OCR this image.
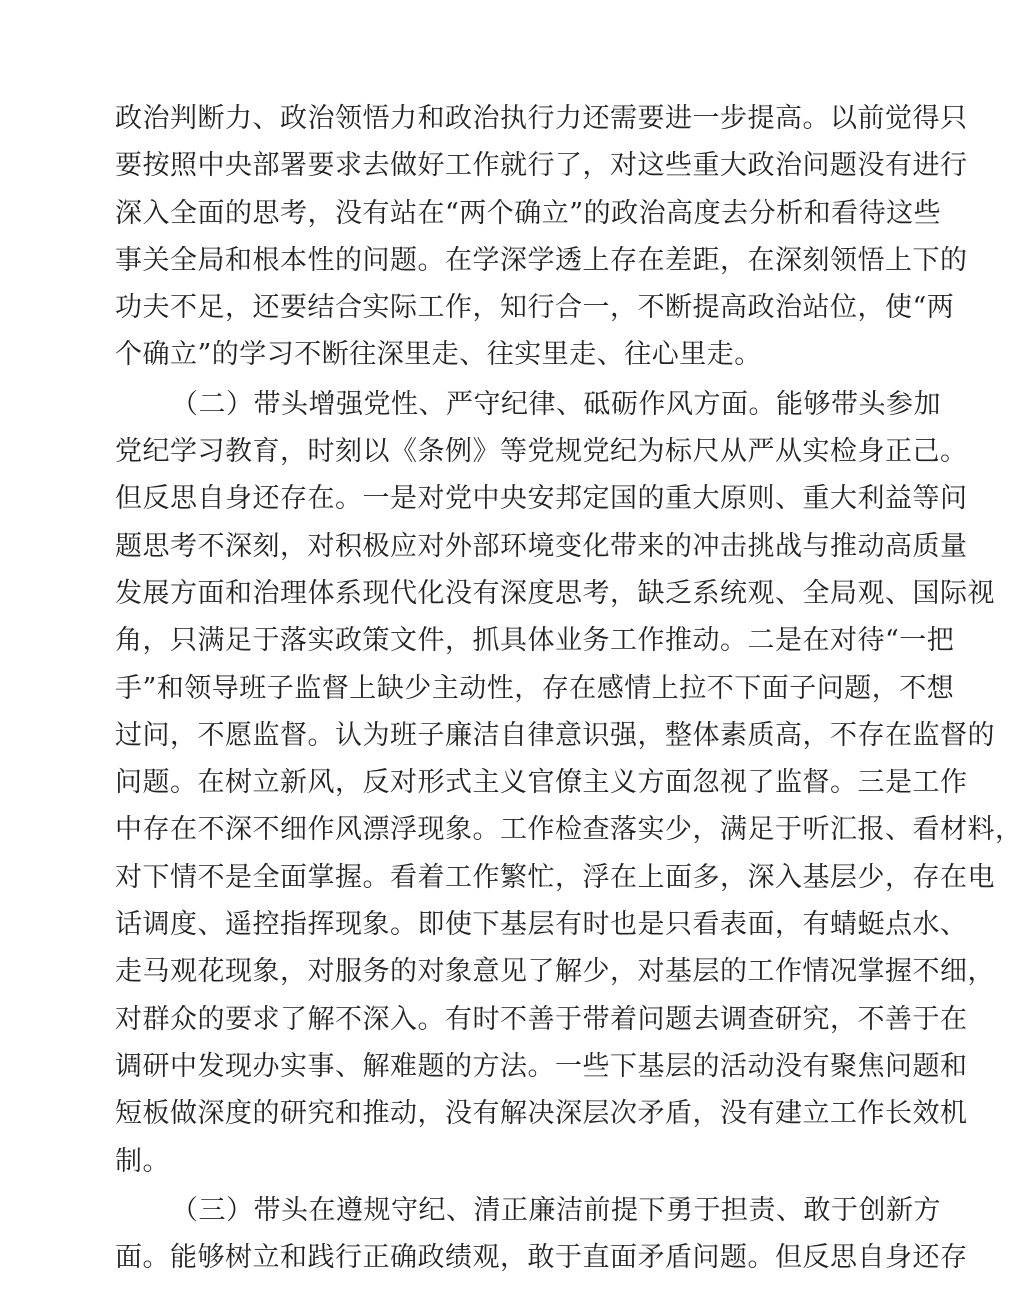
政治判断力、政治领悟力和政治执行力还需要进一步提高。以前觉得只
要按照中央部署要求去做好工作就行了，对这些重大政治问题没有进行
深入全面的思考，没有站在“两个确立”的政治高度去分析和看待这些
事关全局和根本性的问题。在学深学透上存在差距，在深刻领悟上下的
功夫不足，还要结合实际工作，知行合一，不断提高政治站位，使“两
个确立”的学习不断往深里走、往实里走、往心里走。
（二）带头增强党性、严守纪律、砥砺作风方面。能够带头参加
党纪学习教育，时刻以《条例》等党规党纪为标尺从严从实检身正己。
但反思自身还存在。一是对党中央安邦定国的重大原则、重大利益等问
题思考不深刻，对积极应对外部环境变化带来的冲击挑战与推动高质量
发展方面和治理体系现代化没有深度思考，缺乏系统观、全局观、国际视
角，只满足于落实政策文件，抓具体业务工作推动。二是在对待“一把
手”和领导班子监督上缺少主动性，存在感情上拉不下面子问题，不想
过问，不愿监督。认为班子廉洁自律意识强，整体素质高，不存在监督的
问题。在树立新风，反对形式主义官僚主义方面忽视了监督。三是工作
中存在不深不细作风漂浮现象。工作检查落实少，满足于听汇报、看材料，
对下情不是全面掌握。看着工作繁忙，浮在上面多，深入基层少，存在电
话调度、遥控指挥现象。即使下基层有时也是只看表面，有蜻蜓点水、
走马观花现象，对服务的对象意见了解少，对基层的工作情况掌握不细，
对群众的要求了解不深入。有时不善于带着问题去调查研究，不善于在
调研中发现办实事、解难题的方法。一些下基层的活动没有聚焦问题和
短板做深度的研究和推动，没有解决深层次矛盾，没有建立工作长效机
制。
（三）带头在遵规守纪、清正廉洁前提下勇于担责、敢于创新方
面。能够树立和践行正确政绩观，敢于直面矛盾问题。但反思自身还存
